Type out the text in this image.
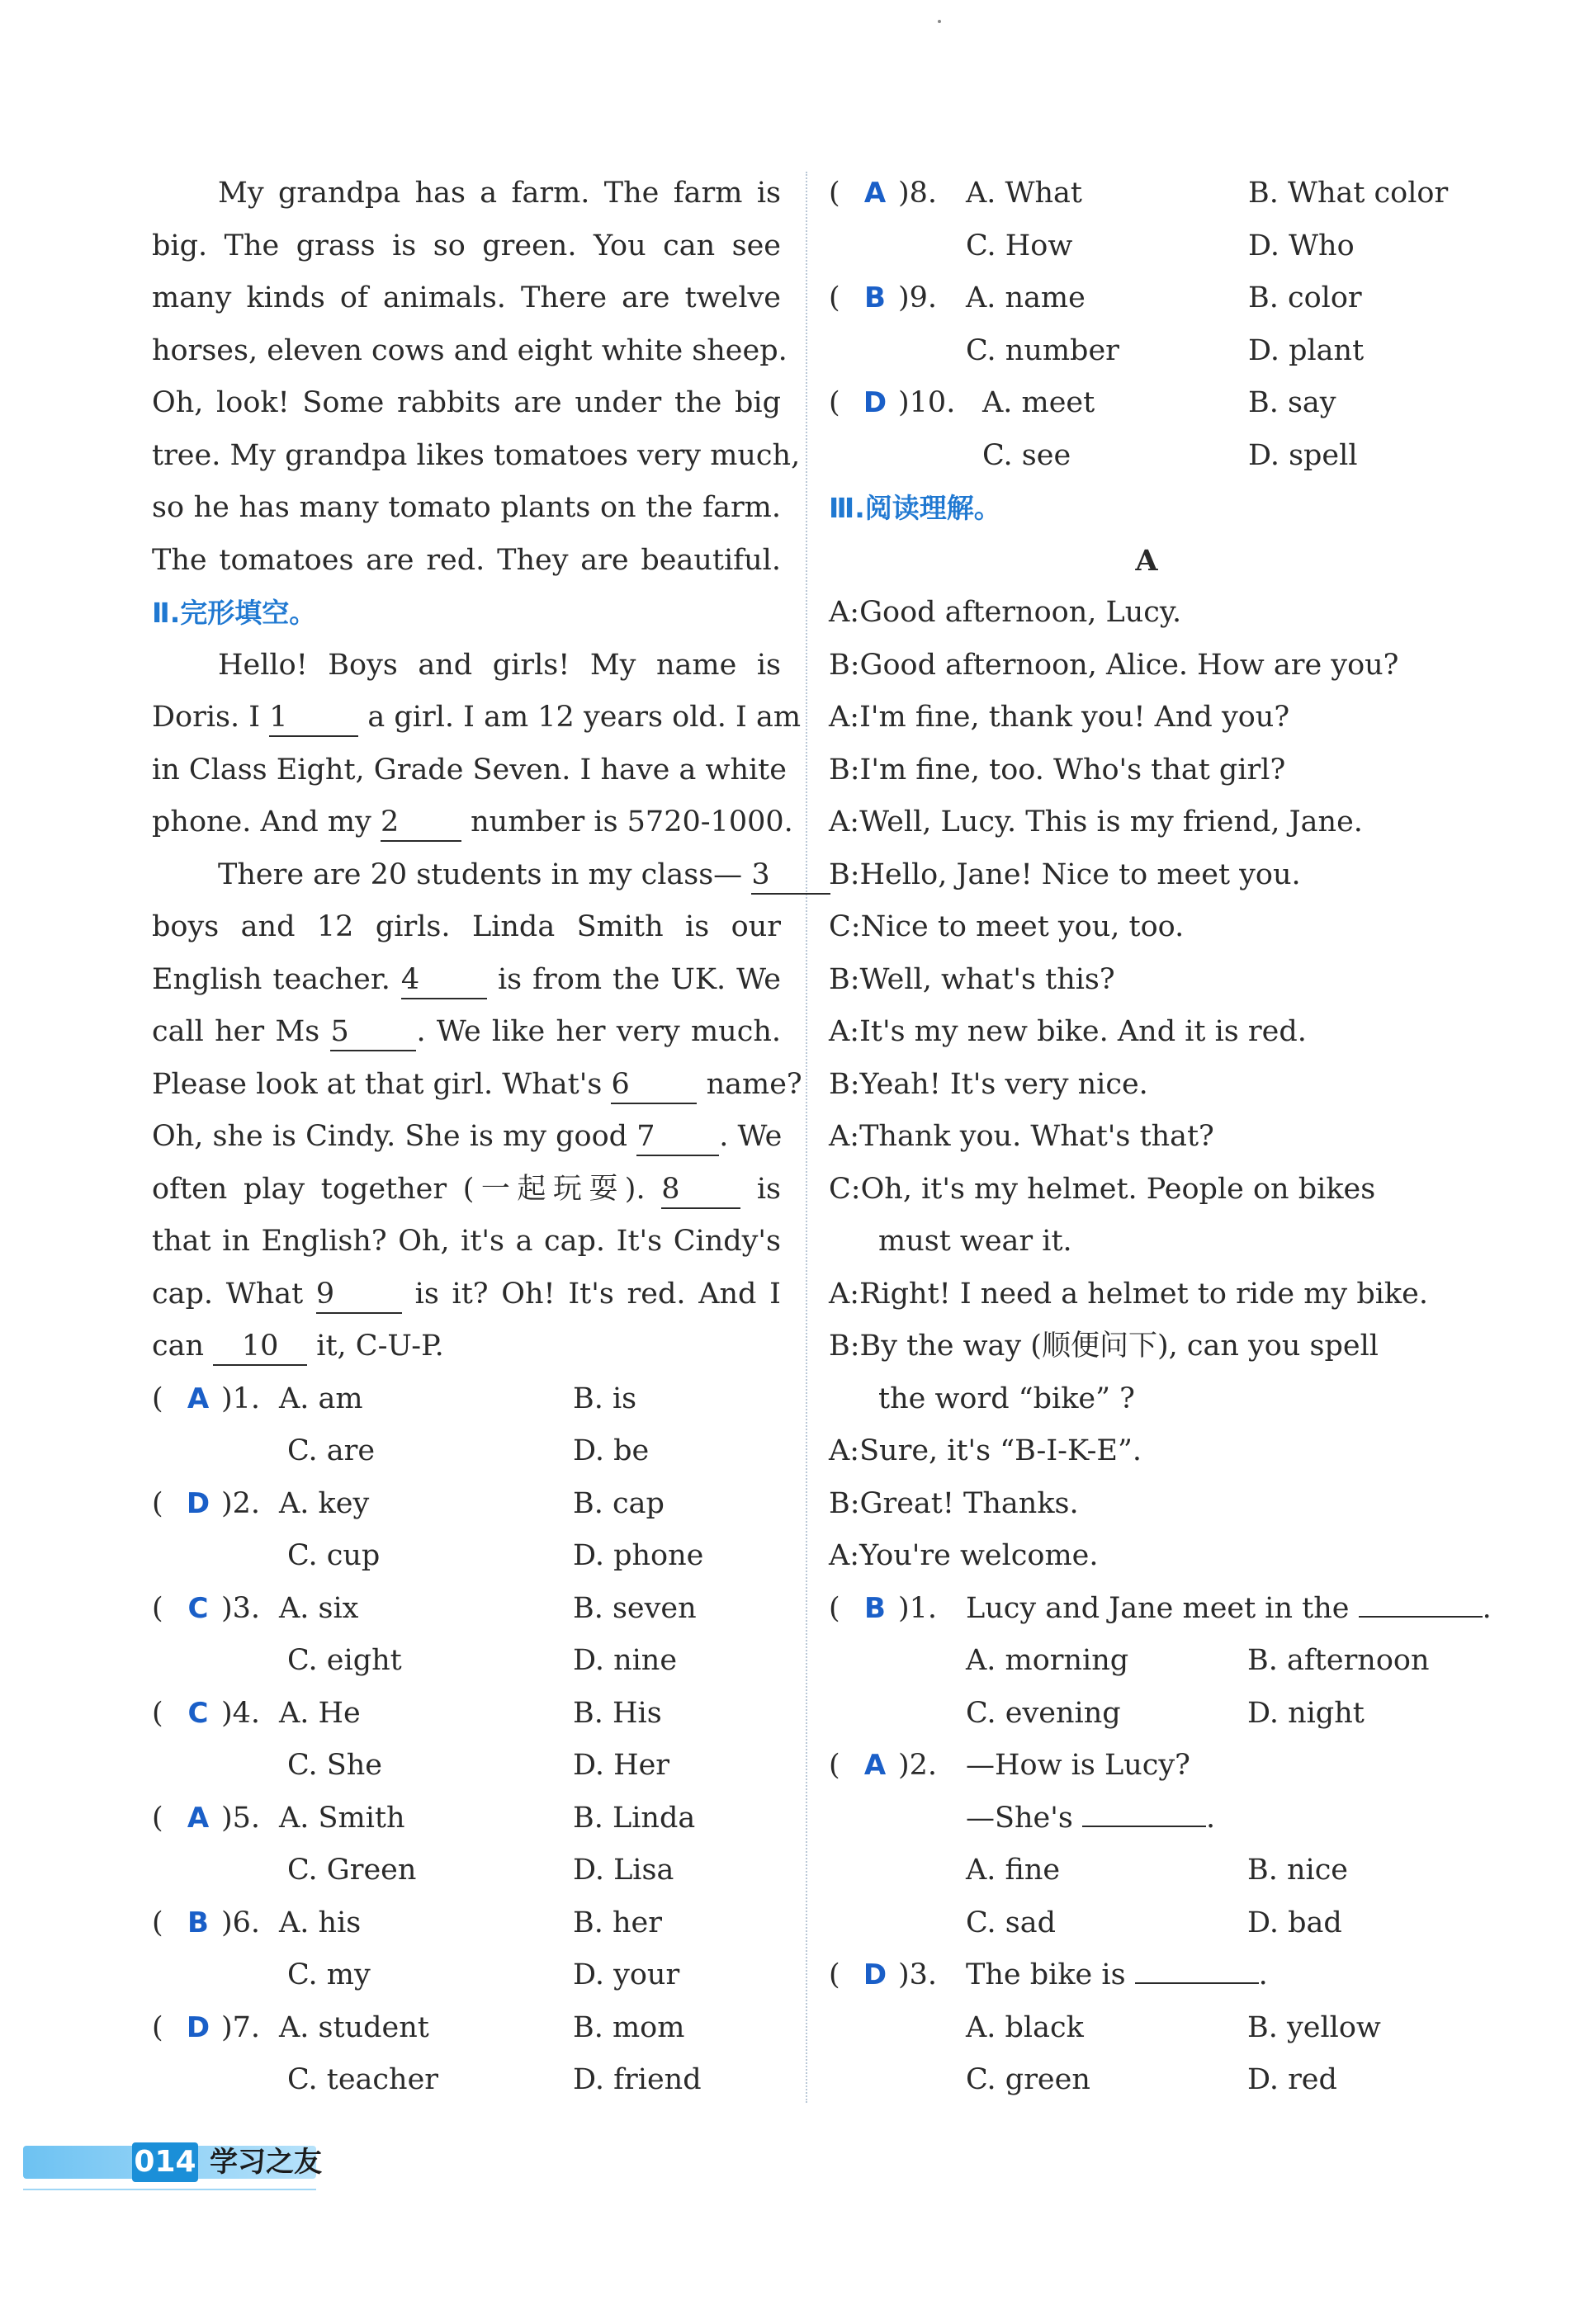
My grandpa has a farm. The farm is
big. The grass is so green. You can see
many kinds of animals. There are twelve
horses, eleven cows and eight white sheep.
Oh, look! Some rabbits are under the big
tree. My grandpa likes tomatoes very much,
so he has many tomato plants on the farm.
The tomatoes are red. They are beautiful.
Ⅱ.完形填空。
Hello! Boys and girls! My name is
Doris. I 1	a girl. I am 12 years old. I am
in Class Eight, Grade Seven. I have a white
phone. And my 2 number is 5720-1000.
There are 20 students in my class— 3
boys and 12 girls. Linda Smith is our
English teacher. 4	is from the UK. We
call her Ms 5 . We like her very much.
Please look at that girl. What's 6	name?
Oh, she is Cindy. She is my good 7 . We
often play together (一起玩耍). 8	is
that in English? Oh, it's a cap. It's Cindy's
cap. What 9	is it? Oh! It's red. And I
can 10 it, C-U-P.
( A )1. A. am	B. is
C. are	D. be
( D )2. A. key	B. cap
C. cup	D. phone
( C )3. A. six	B. seven
C. eight	D. nine
( C )4. A. He	B. His
C. She	D. Her
( A )5. A. Smith	B. Linda
C. Green	D. Lisa
( B )6. A. his	B. her
C. my	D. your
( D )7. A. student	B. mom
C. teacher	D. friend
( A )8. A. What	B. What color
C. How	D. Who
( B )9. A. name	B. color
C. number	D. plant
( D )10. A. meet	B. say
C. see	D. spell
Ⅲ.阅读理解。
A
A:Good afternoon, Lucy.
B:Good afternoon, Alice. How are you?
A:I'm fine, thank you! And you?
B:I'm fine, too. Who's that girl?
A:Well, Lucy. This is my friend, Jane.
B:Hello, Jane! Nice to meet you.
C:Nice to meet you, too.
B:Well, what's this?
A:It's my new bike. And it is red.
B:Yeah! It's very nice.
A:Thank you. What's that?
C:Oh, it's my helmet. People on bikes
must wear it.
A:Right! I need a helmet to ride my bike.
B:By the way (顺便问下), can you spell
the word “bike” ?
A:Sure, it's “B-I-K-E”.
B:Great! Thanks.
A:You're welcome.
( B )1. Lucy and Jane meet in the	.
A. morning	B. afternoon
C. evening	D. night
( A )2. —How is Lucy?
—She's	.
A. fine	B. nice
C. sad	D. bad
( D )3. The bike is	.
A. black	B. yellow
C. green	D. red
014 学习之友
